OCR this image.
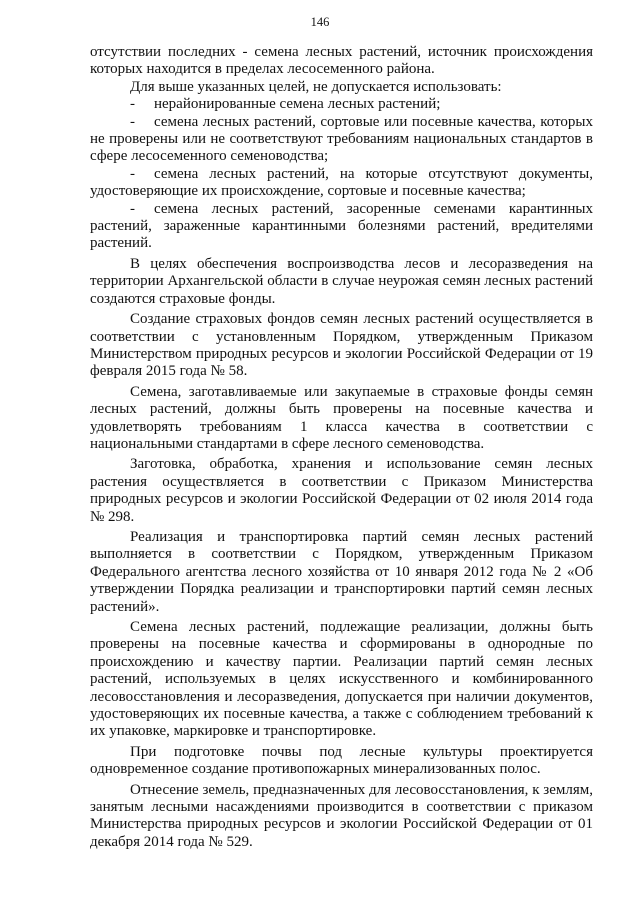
146

отсутствии последних - семена лесных растений, источник происхождения которых находится в пределах лесосеменного района.

Для выше указанных целей, не допускается использовать:

- нерайонированные семена лесных растений;

- семена лесных растений, сортовые или посевные качества, которых не проверены или не соответствуют требованиям национальных стандартов в сфере лесосеменного семеноводства;

- семена лесных растений, на которые отсутствуют документы, удостоверяющие их происхождение, сортовые и посевные качества;

- семена лесных растений, засоренные семенами карантинных растений, зараженные карантинными болезнями растений, вредителями растений.

В целях обеспечения воспроизводства лесов и лесоразведения на территории Архангельской области в случае неурожая семян лесных растений создаются страховые фонды.

Создание страховых фондов семян лесных растений осуществляется в соответствии с установленным Порядком, утвержденным Приказом Министерством природных ресурсов и экологии Российской Федерации от 19 февраля 2015 года № 58.

Семена, заготавливаемые или закупаемые в страховые фонды семян лесных растений, должны быть проверены на посевные качества и удовлетворять требованиям 1 класса качества в соответствии с национальными стандартами в сфере лесного семеноводства.

Заготовка, обработка, хранения и использование семян лесных растения осуществляется в соответствии с Приказом Министерства природных ресурсов и экологии Российской Федерации от 02 июля 2014 года № 298.

Реализация и транспортировка партий семян лесных растений выполняется в соответствии с Порядком, утвержденным Приказом Федерального агентства лесного хозяйства от 10 января 2012 года № 2 «Об утверждении Порядка реализации и транспортировки партий семян лесных растений».

Семена лесных растений, подлежащие реализации, должны быть проверены на посевные качества и сформированы в однородные по происхождению и качеству партии. Реализации партий семян лесных растений, используемых в целях искусственного и комбинированного лесовосстановления и лесоразведения, допускается при наличии документов, удостоверяющих их посевные качества, а также с соблюдением требований к их упаковке, маркировке и транспортировке.

При подготовке почвы под лесные культуры проектируется одновременное создание противопожарных минерализованных полос.

Отнесение земель, предназначенных для лесовосстановления, к землям, занятым лесными насаждениями производится в соответствии с приказом Министерства природных ресурсов и экологии Российской Федерации от 01 декабря 2014 года № 529.
